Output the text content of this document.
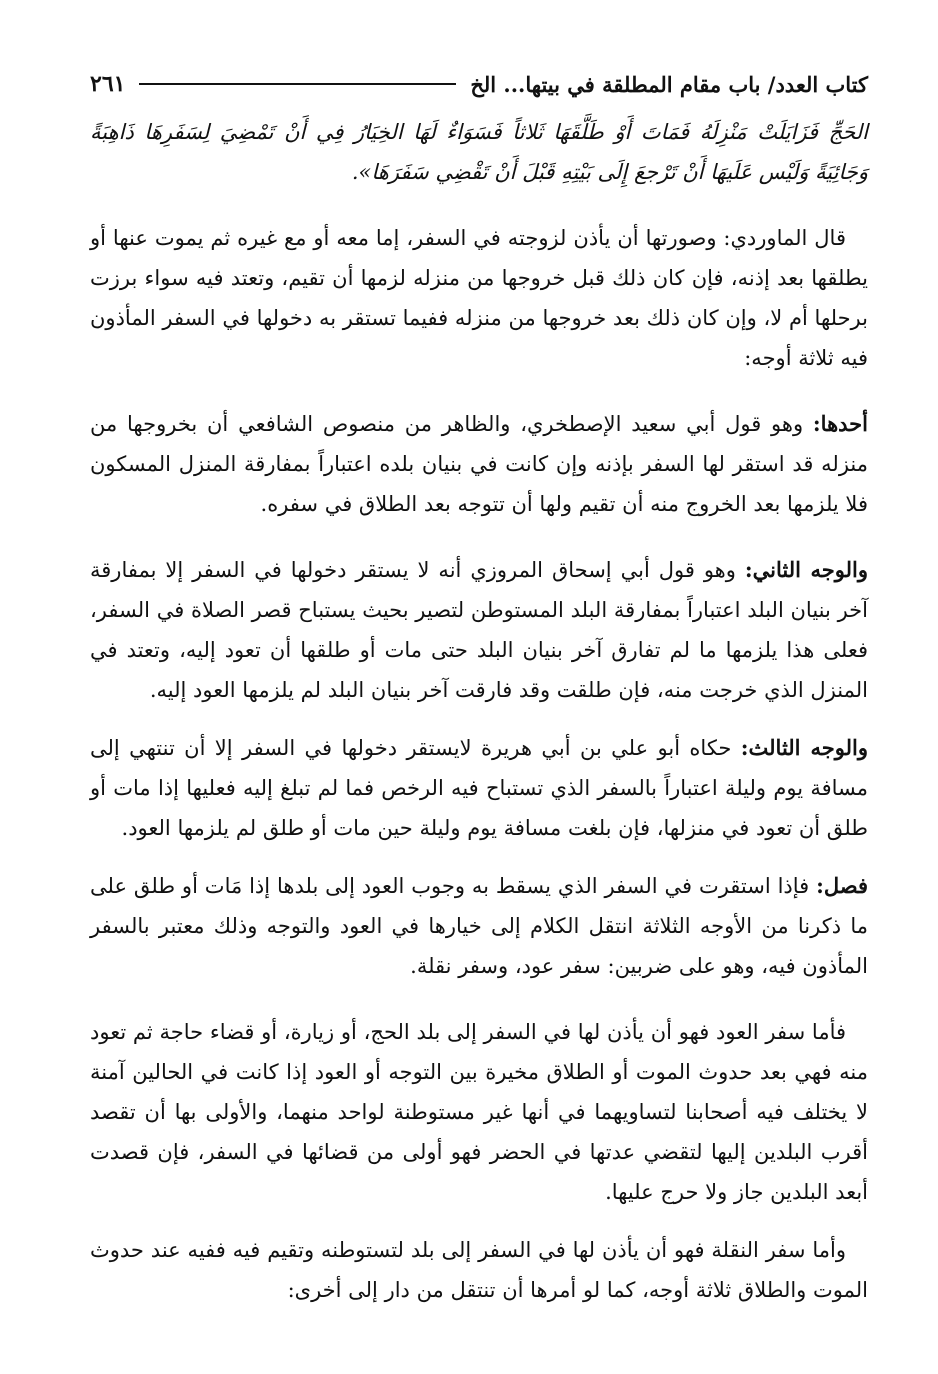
كتاب العدد/ باب مقام المطلقة في بيتها... الخ
٢٦١

الحَجِّ فَزَايَلَتْ مَنْزِلَهُ فَمَاتَ أَوْ طَلَّقَهَا ثَلاثاً فَسَوَاءٌ لَهَا الخِيَارُ فِي أَنْ تَمْضِيَ لِسَفَرِهَا ذَاهِبَةً وَجَائِيَةً وَلَيْس عَلَيهَا أَنْ تَرْجعَ إِلَى بَيْتِهِ قَبْلَ أَنْ تَقْضِي سَفَرَهَا».

قال الماوردي: وصورتها أن يأذن لزوجته في السفر، إما معه أو مع غيره ثم يموت عنها أو يطلقها بعد إذنه، فإن كان ذلك قبل خروجها من منزله لزمها أن تقيم، وتعتد فيه سواء برزت برحلها أم لا، وإن كان ذلك بعد خروجها من منزله ففيما تستقر به دخولها في السفر المأذون فيه ثلاثة أوجه:

أحدها: وهو قول أبي سعيد الإصطخري، والظاهر من منصوص الشافعي أن بخروجها من منزله قد استقر لها السفر بإذنه وإن كانت في بنيان بلده اعتباراً بمفارقة المنزل المسكون فلا يلزمها بعد الخروج منه أن تقيم ولها أن تتوجه بعد الطلاق في سفره.

والوجه الثاني: وهو قول أبي إسحاق المروزي أنه لا يستقر دخولها في السفر إلا بمفارقة آخر بنيان البلد اعتباراً بمفارقة البلد المستوطن لتصير بحيث يستباح قصر الصلاة في السفر، فعلى هذا يلزمها ما لم تفارق آخر بنيان البلد حتى مات أو طلقها أن تعود إليه، وتعتد في المنزل الذي خرجت منه، فإن طلقت وقد فارقت آخر بنيان البلد لم يلزمها العود إليه.

والوجه الثالث: حكاه أبو علي بن أبي هريرة لايستقر دخولها في السفر إلا أن تنتهي إلى مسافة يوم وليلة اعتباراً بالسفر الذي تستباح فيه الرخص فما لم تبلغ إليه فعليها إذا مات أو طلق أن تعود في منزلها، فإن بلغت مسافة يوم وليلة حين مات أو طلق لم يلزمها العود.

فصل: فإذا استقرت في السفر الذي يسقط به وجوب العود إلى بلدها إذا مَات أو طلق على ما ذكرنا من الأوجه الثلاثة انتقل الكلام إلى خيارها في العود والتوجه وذلك معتبر بالسفر المأذون فيه، وهو على ضربين: سفر عود، وسفر نقلة.

فأما سفر العود فهو أن يأذن لها في السفر إلى بلد الحج، أو زيارة، أو قضاء حاجة ثم تعود منه فهي بعد حدوث الموت أو الطلاق مخيرة بين التوجه أو العود إذا كانت في الحالين آمنة لا يختلف فيه أصحابنا لتساويهما في أنها غير مستوطنة لواحد منهما، والأولى بها أن تقصد أقرب البلدين إليها لتقضي عدتها في الحضر فهو أولى من قضائها في السفر، فإن قصدت أبعد البلدين جاز ولا حرج عليها.

وأما سفر النقلة فهو أن يأذن لها في السفر إلى بلد لتستوطنه وتقيم فيه ففيه عند حدوث الموت والطلاق ثلاثة أوجه، كما لو أمرها أن تنتقل من دار إلى أخرى:
